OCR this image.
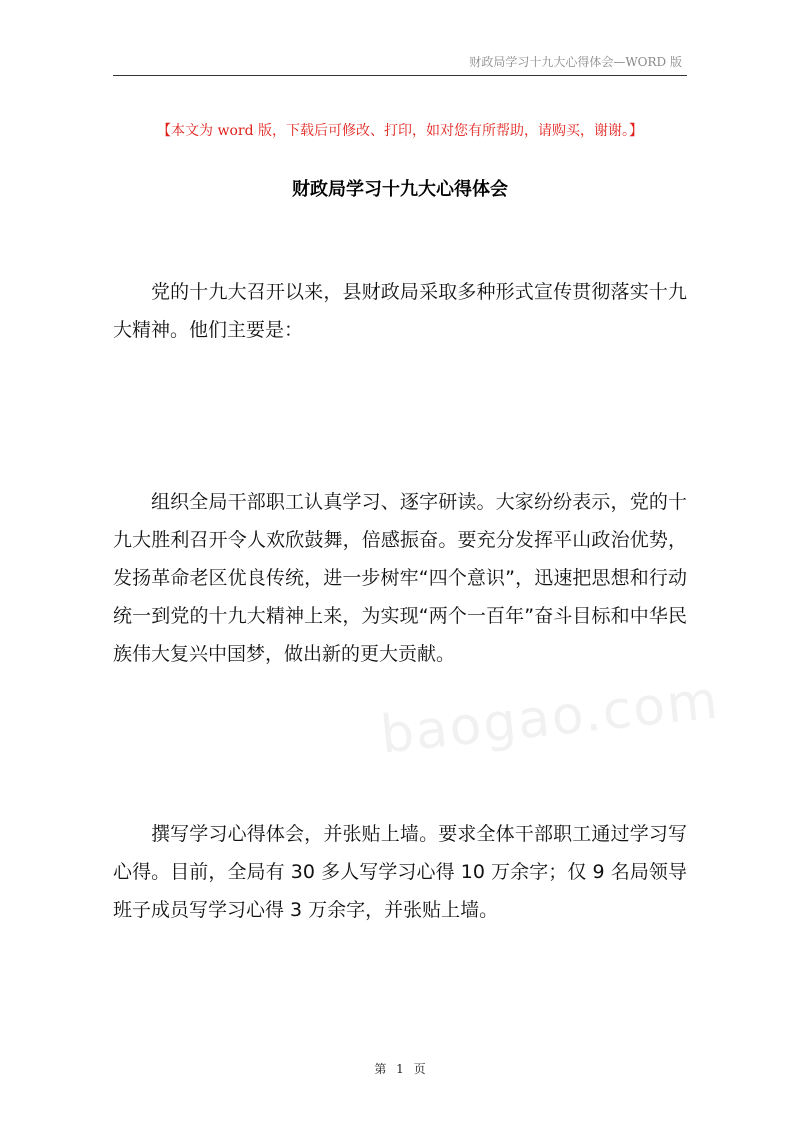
财政局学习十九大心得体会—WORD 版
【本文为 word 版，下载后可修改、打印，如对您有所帮助，请购买，谢谢。】
财政局学习十九大心得体会

党的十九大召开以来，县财政局采取多种形式宣传贯彻落实十九大精神。他们主要是：

组织全局干部职工认真学习、逐字研读。大家纷纷表示，党的十九大胜利召开令人欢欣鼓舞，倍感振奋。要充分发挥平山政治优势，发扬革命老区优良传统，进一步树牢“四个意识”，迅速把思想和行动统一到党的十九大精神上来，为实现“两个一百年”奋斗目标和中华民族伟大复兴中国梦，做出新的更大贡献。

baogao.com

撰写学习心得体会，并张贴上墙。要求全体干部职工通过学习写心得。目前，全局有 30 多人写学习心得 10 万余字；仅 9 名局领导班子成员写学习心得 3 万余字，并张贴上墙。

第 1 页
